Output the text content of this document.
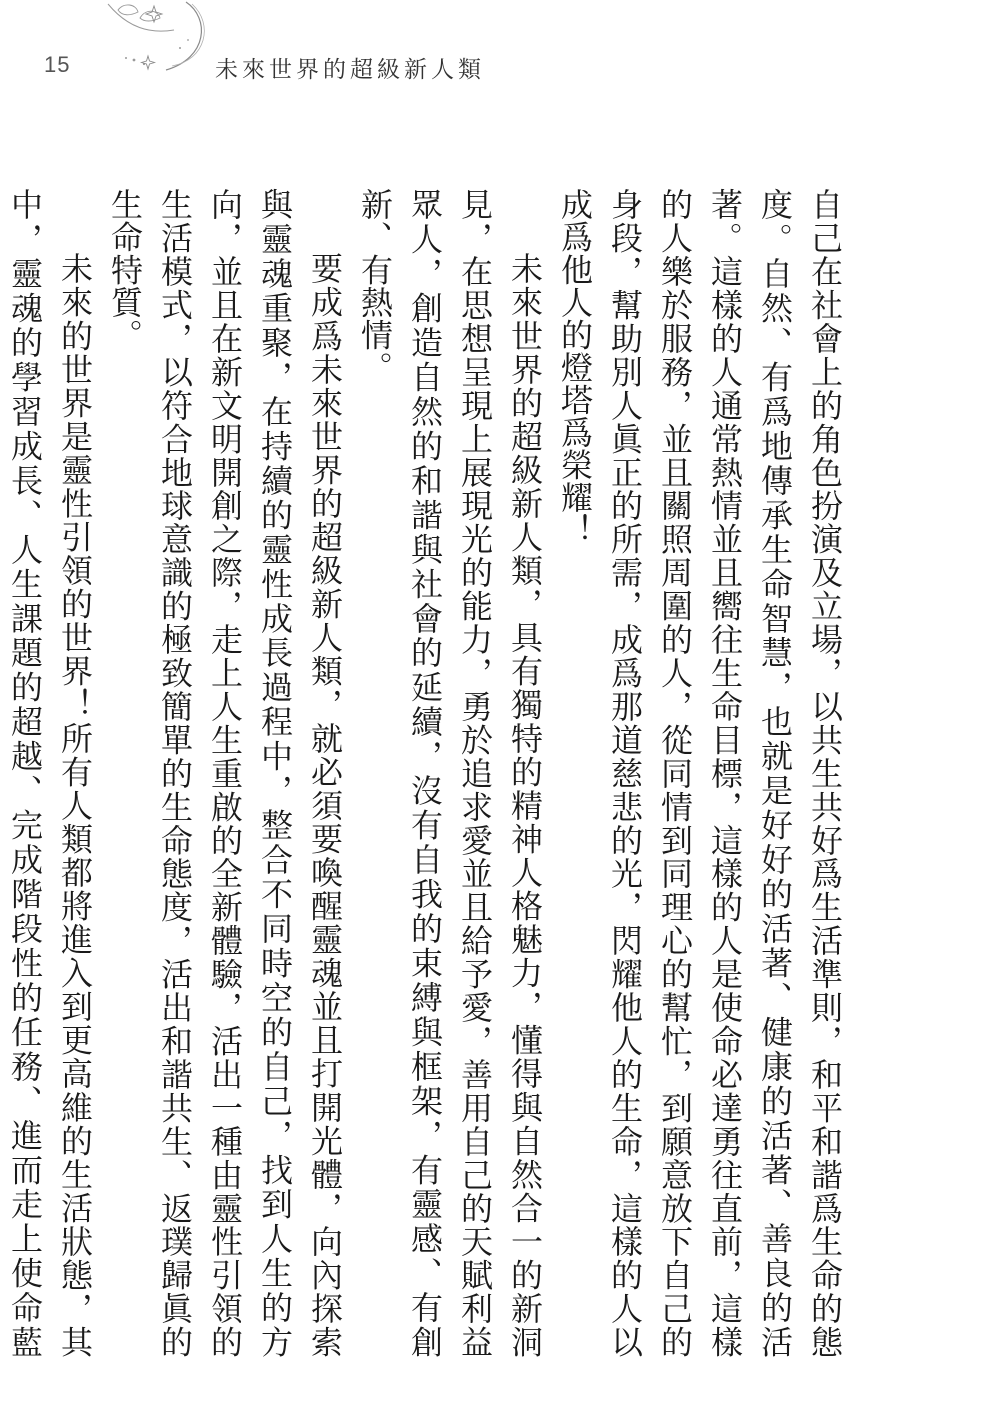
15	未來世界的超級新人類

自己在社會上的角色扮演及立場，以共生共好爲生活準則，和平和諧爲生命的態度。自然、有爲地傳承生命智慧，也就是好好的活著、健康的活著、善良的活著。這樣的人通常熱情並且嚮往生命目標，這樣的人是使命必達勇往直前，這樣的人樂於服務，並且關照周圍的人，從同情到同理心的幫忙，到願意放下自己的身段，幫助別人眞正的所需，成爲那道慈悲的光，閃耀他人的生命，這樣的人以成爲他人的燈塔爲榮耀！

未來世界的超級新人類，具有獨特的精神人格魅力，懂得與自然合一的新洞見，在思想呈現上展現光的能力，勇於追求愛並且給予愛，善用自己的天賦利益眾人，創造自然的和諧與社會的延續，沒有自我的束縛與框架，有靈感、有創新、有熱情。

要成爲未來世界的超級新人類，就必須要喚醒靈魂並且打開光體，向內探索與靈魂重聚，在持續的靈性成長過程中，整合不同時空的自己，找到人生的方向，並且在新文明開創之際，走上人生重啟的全新體驗，活出一種由靈性引領的生活模式，以符合地球意識的極致簡單的生命態度，活出和諧共生、返璞歸眞的生命特質。

未來的世界是靈性引領的世界！所有人類都將進入到更高維的生活狀態，其中，靈魂的學習成長、人生課題的超越、完成階段性的任務、進而走上使命藍
